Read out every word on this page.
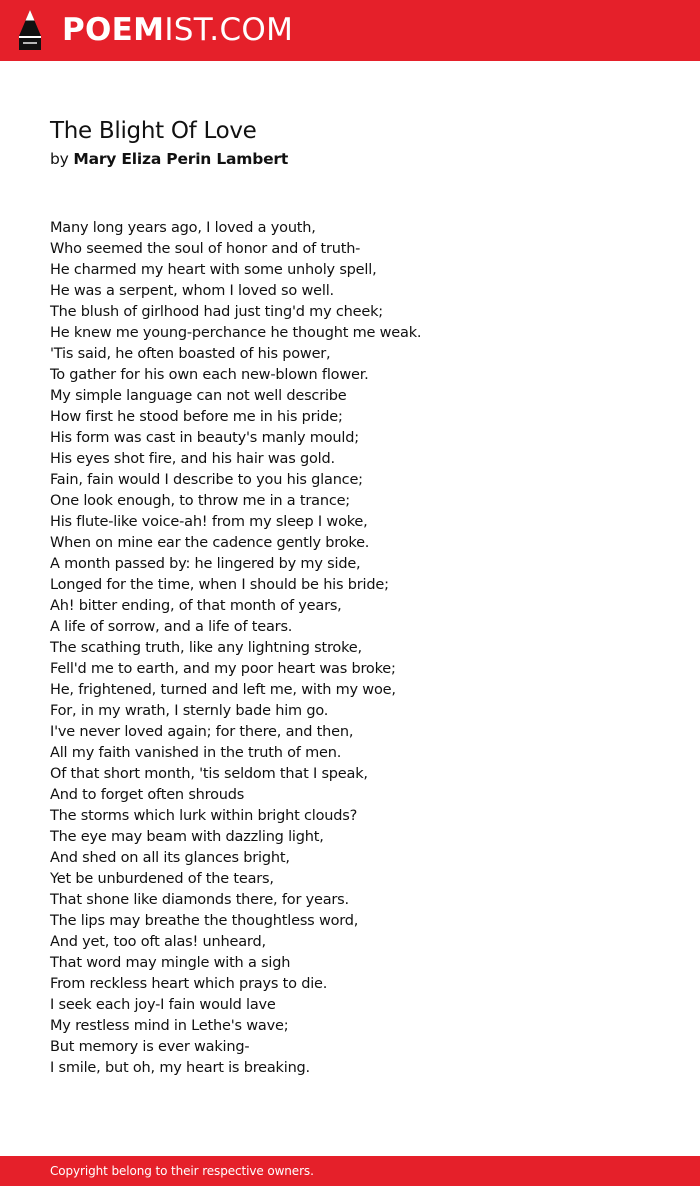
POEMIST.COM
The Blight Of Love
by Mary Eliza Perin Lambert
Many long years ago, I loved a youth,
Who seemed the soul of honor and of truth-
He charmed my heart with some unholy spell,
He was a serpent, whom I loved so well.
The blush of girlhood had just ting'd my cheek;
He knew me young-perchance he thought me weak.
'Tis said, he often boasted of his power,
To gather for his own each new-blown flower.
My simple language can not well describe
How first he stood before me in his pride;
His form was cast in beauty's manly mould;
His eyes shot fire, and his hair was gold.
Fain, fain would I describe to you his glance;
One look enough, to throw me in a trance;
His flute-like voice-ah! from my sleep I woke,
When on mine ear the cadence gently broke.
A month passed by: he lingered by my side,
Longed for the time, when I should be his bride;
Ah! bitter ending, of that month of years,
A life of sorrow, and a life of tears.
The scathing truth, like any lightning stroke,
Fell'd me to earth, and my poor heart was broke;
He, frightened, turned and left me, with my woe,
For, in my wrath, I sternly bade him go.
I've never loved again; for there, and then,
All my faith vanished in the truth of men.
Of that short month, 'tis seldom that I speak,
And to forget often shrouds
The storms which lurk within bright clouds?
The eye may beam with dazzling light,
And shed on all its glances bright,
Yet be unburdened of the tears,
That shone like diamonds there, for years.
The lips may breathe the thoughtless word,
And yet, too oft alas! unheard,
That word may mingle with a sigh
From reckless heart which prays to die.
I seek each joy-I fain would lave
My restless mind in Lethe's wave;
But memory is ever waking-
I smile, but oh, my heart is breaking.
Copyright belong to their respective owners.
